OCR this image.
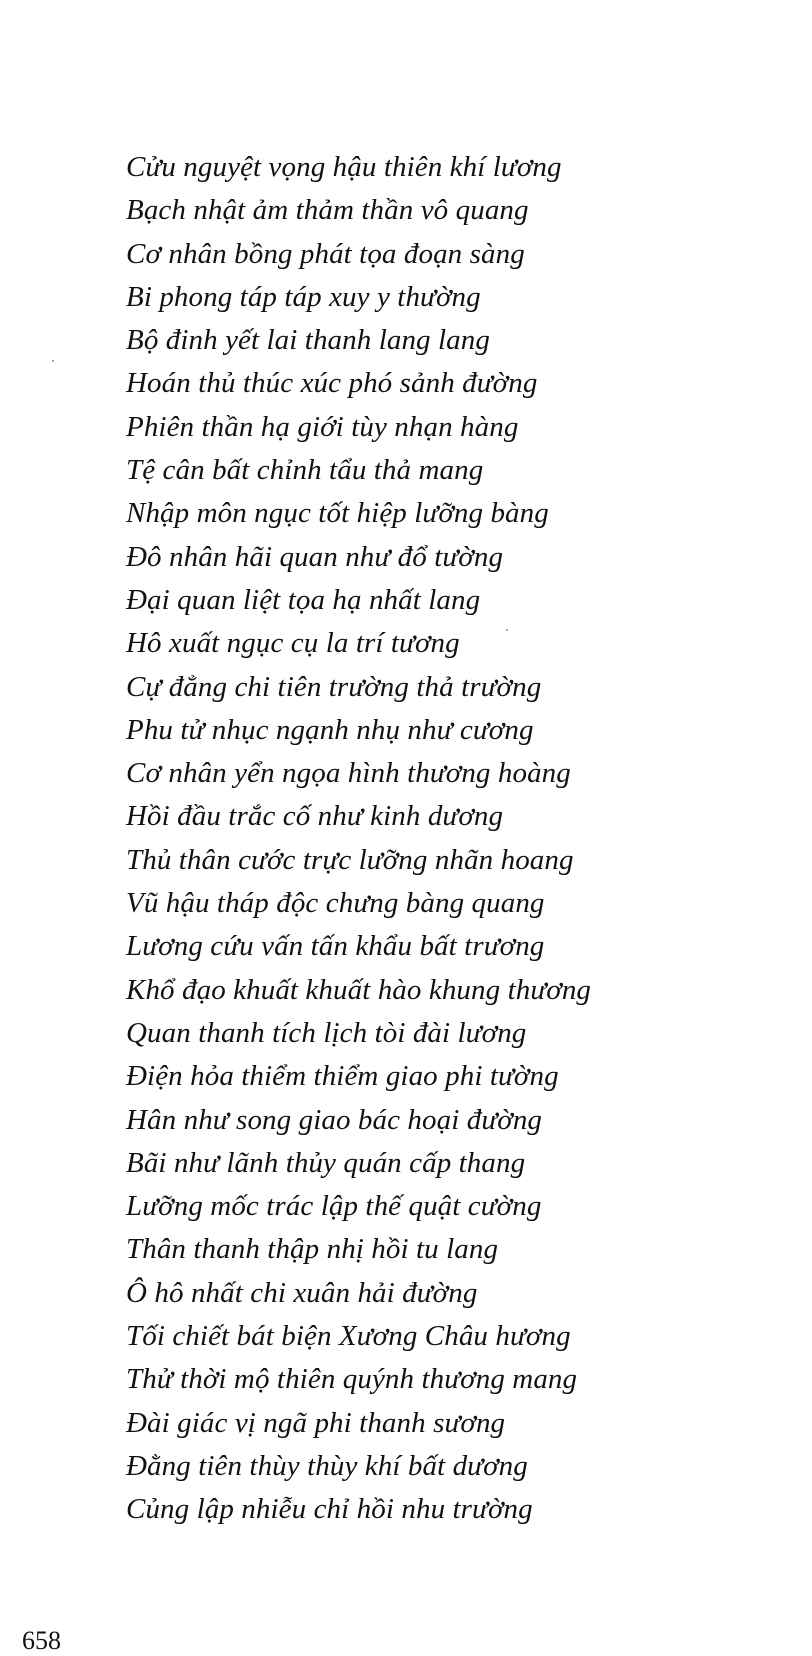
Cửu nguyệt vọng hậu thiên khí lương
Bạch nhật ảm thảm thần vô quang
Cơ nhân bồng phát tọa đoạn sàng
Bi phong táp táp xuy y thường
Bộ đinh yết lai thanh lang lang
Hoán thủ thúc xúc phó sảnh đường
Phiên thần hạ giới tùy nhạn hàng
Tệ cân bất chỉnh tẩu thả mang
Nhập môn ngục tốt hiệp lưỡng bàng
Đô nhân hãi quan như đổ tường
Đại quan liệt tọa hạ nhất lang
Hô xuất ngục cụ la trí tương
Cự đẳng chi tiên trường thả trường
Phu tử nhục ngạnh nhụ như cương
Cơ nhân yển ngọa hình thương hoàng
Hồi đầu trắc cố như kinh dương
Thủ thân cước trực lưỡng nhãn hoang
Vũ hậu tháp độc chưng bàng quang
Lương cứu vấn tấn khẩu bất trương
Khổ đạo khuất khuất hào khung thương
Quan thanh tích lịch tòi đài lương
Điện hỏa thiểm thiểm giao phi tường
Hân như song giao bác hoại đường
Bãi như lãnh thủy quán cấp thang
Lưỡng mốc trác lập thế quật cường
Thân thanh thập nhị hồi tu lang
Ô hô nhất chi xuân hải đường
Tối chiết bát biện Xương Châu hương
Thử thời mộ thiên quýnh thương mang
Đài giác vị ngã phi thanh sương
Đằng tiên thùy thùy khí bất dương
Củng lập nhiễu chỉ hồi nhu trường
658
